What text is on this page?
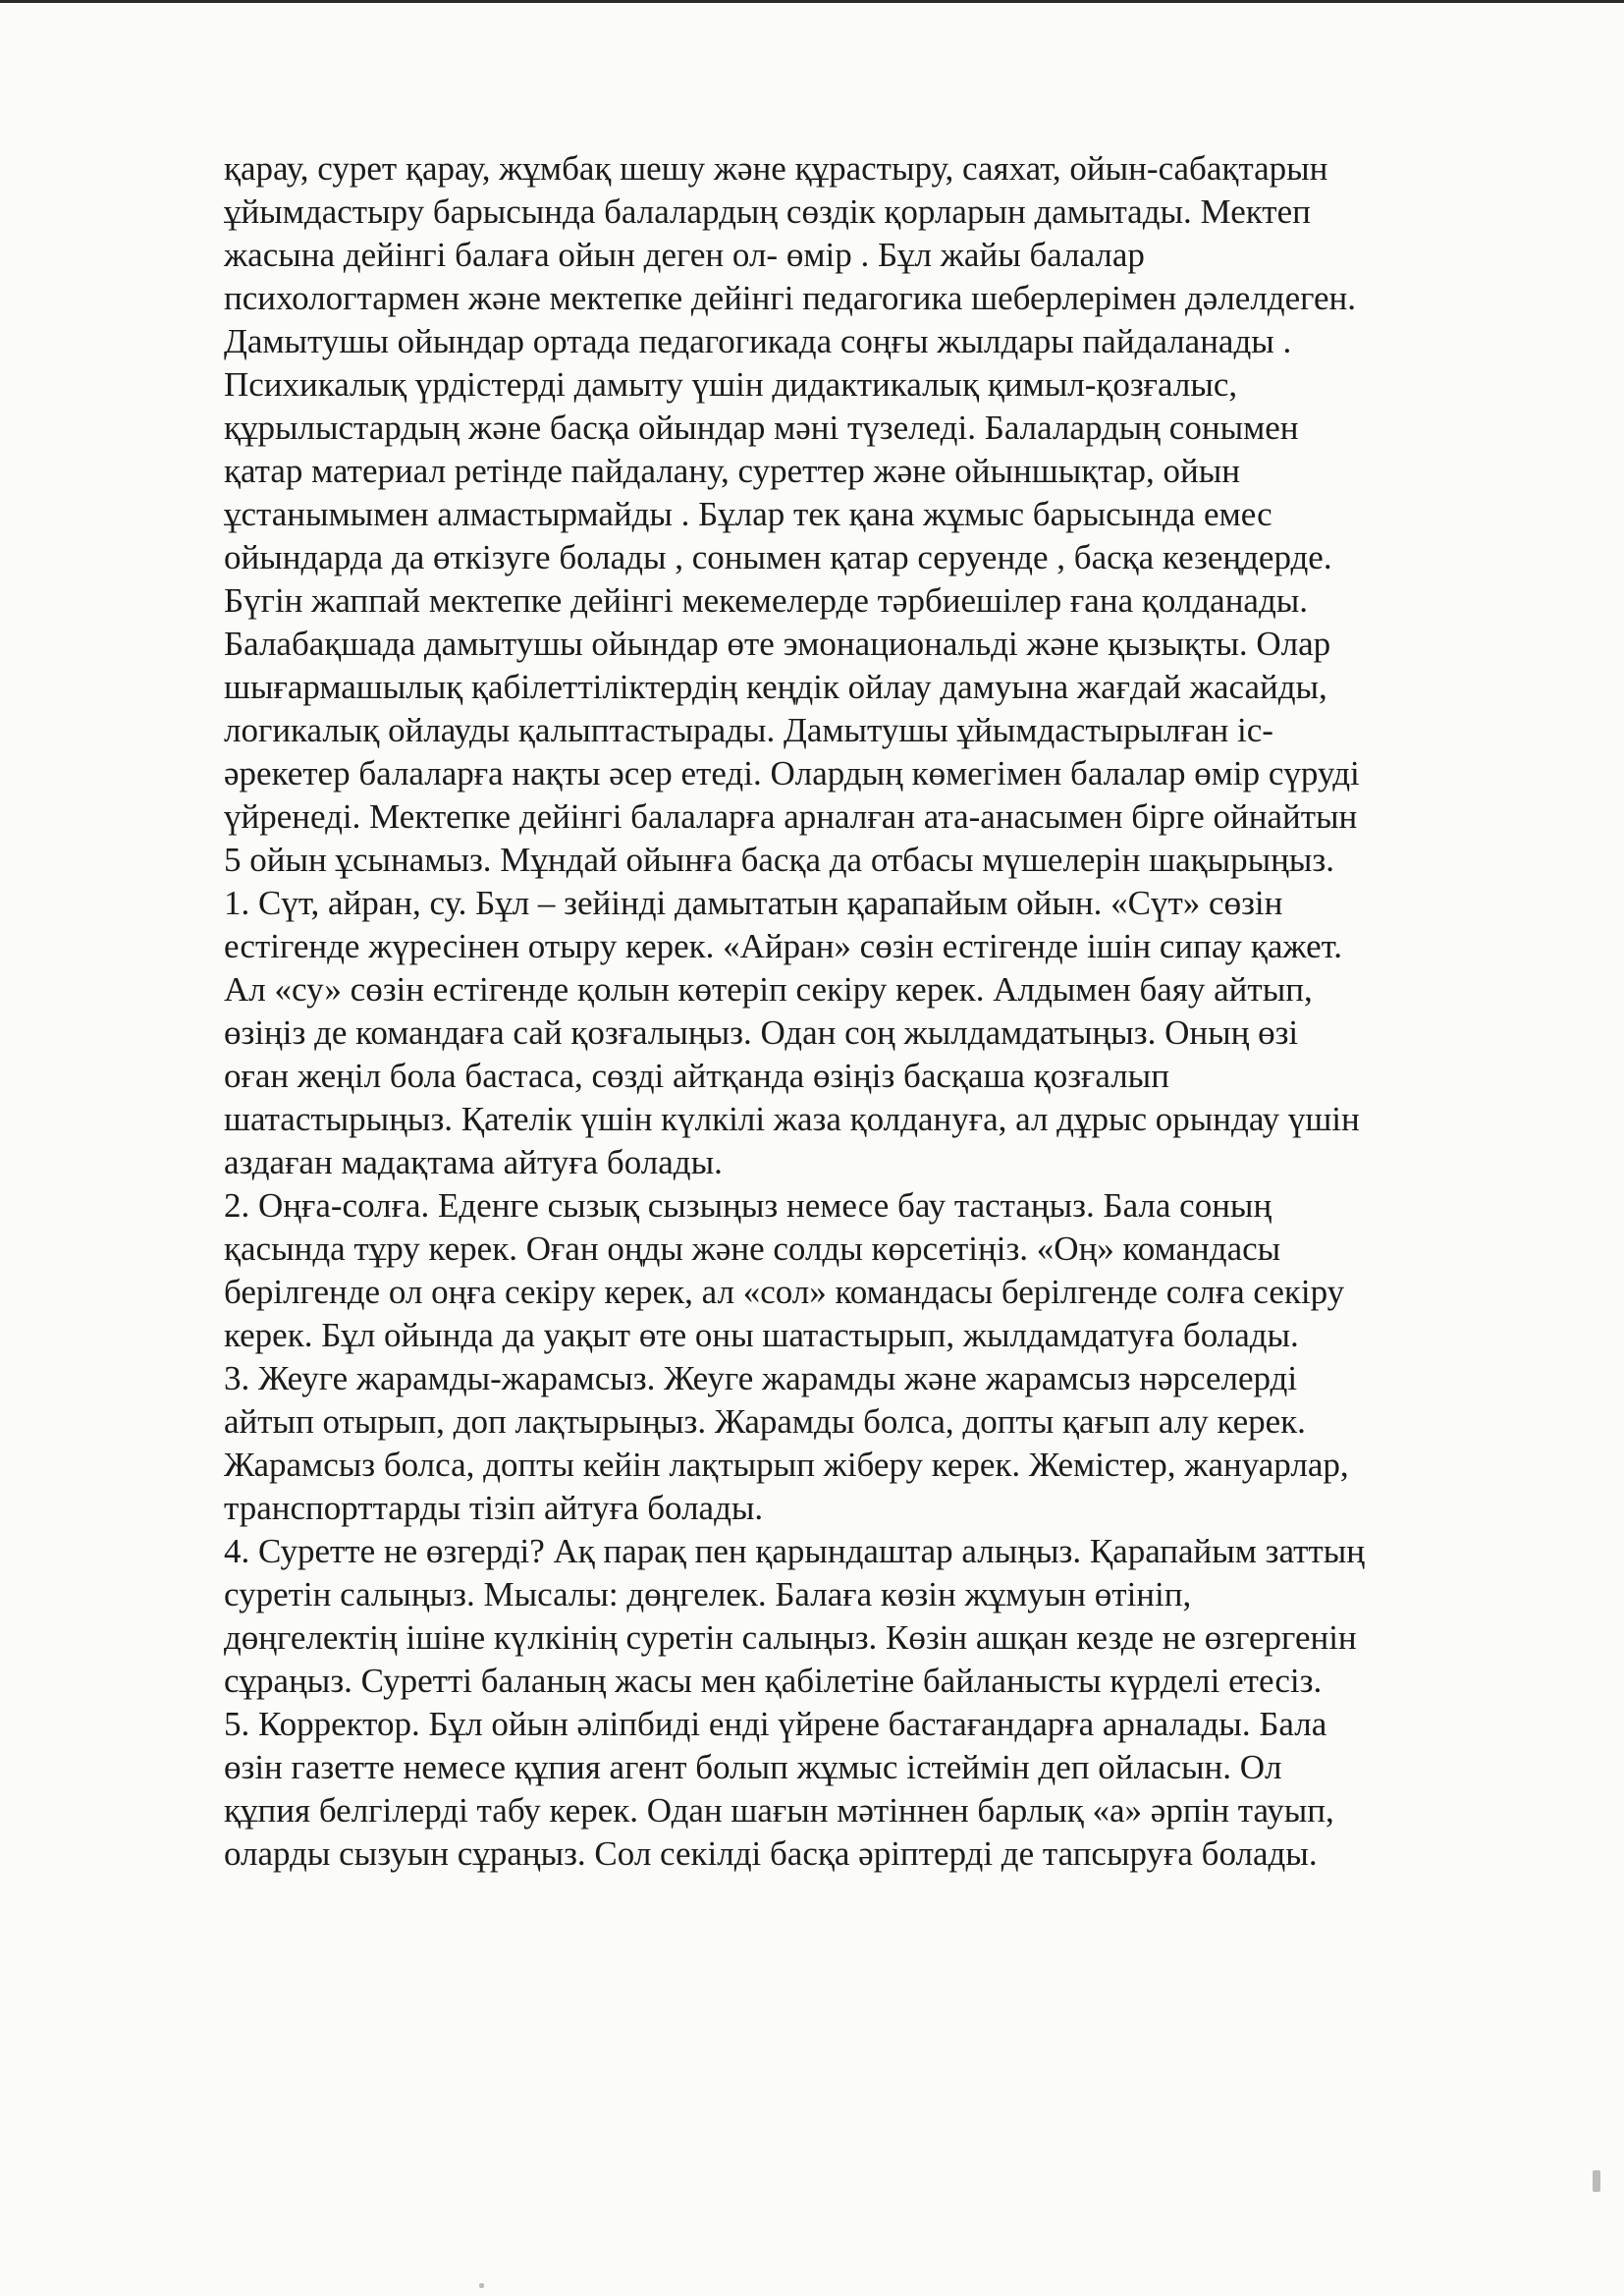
қарау, сурет қарау, жұмбақ шешу және құрастыру, саяхат, ойын-сабақтарын
ұйымдастыру барысында балалардың сөздік қорларын дамытады. Мектеп
жасына дейінгі балаға ойын деген ол- өмір . Бұл жайы балалар
психологтармен және мектепке дейінгі педагогика шеберлерімен дәлелдеген.
Дамытушы ойындар ортада педагогикада соңғы жылдары пайдаланады .
Психикалық үрдістерді дамыту үшін дидактикалық қимыл-қозғалыс,
құрылыстардың және басқа ойындар мәні түзеледі. Балалардың сонымен
қатар материал ретінде пайдалану, суреттер және ойыншықтар, ойын
ұстанымымен алмастырмайды . Бұлар тек қана жұмыс барысында емес
ойындарда да өткізуге болады , сонымен қатар серуенде , басқа кезеңдерде.
Бүгін жаппай мектепке дейінгі мекемелерде тәрбиешілер ғана қолданады.
Балабақшада дамытушы ойындар өте эмонациональді және қызықты. Олар
шығармашылық қабілеттіліктердің кеңдік ойлау дамуына жағдай жасайды,
логикалық ойлауды қалыптастырады. Дамытушы ұйымдастырылған іс-
әрекетер балаларға нақты әсер етеді. Олардың көмегімен балалар өмір сүруді
үйренеді. Мектепке дейінгі балаларға арналған ата-анасымен бірге ойнайтын
5 ойын ұсынамыз. Мұндай ойынға басқа да отбасы мүшелерін шақырыңыз.
1. Сүт, айран, су. Бұл – зейінді дамытатын қарапайым ойын. «Сүт» сөзін
естігенде жүресінен отыру керек. «Айран» сөзін естігенде ішін сипау қажет.
Ал «су» сөзін естігенде қолын көтеріп секіру керек. Алдымен баяу айтып,
өзіңіз де командаға сай қозғалыңыз. Одан соң жылдамдатыңыз. Оның өзі
оған жеңіл бола бастаса, сөзді айтқанда өзіңіз басқаша қозғалып
шатастырыңыз. Қателік үшін күлкілі жаза қолдануға, ал дұрыс орындау үшін
аздаған мадақтама айтуға болады.
2. Оңға-солға. Еденге сызық сызыңыз немесе бау тастаңыз. Бала соның
қасында тұру керек. Оған оңды және солды көрсетіңіз. «Оң» командасы
берілгенде ол оңға секіру керек, ал «сол» командасы берілгенде солға секіру
керек. Бұл ойында да уақыт өте оны шатастырып, жылдамдатуға болады.
3. Жеуге жарамды-жарамсыз. Жеуге жарамды және жарамсыз нәрселерді
айтып отырып, доп лақтырыңыз. Жарамды болса, допты қағып алу керек.
Жарамсыз болса, допты кейін лақтырып жіберу керек. Жемістер, жануарлар,
транспорттарды тізіп айтуға болады.
4. Суретте не өзгерді? Ақ парақ пен қарындаштар алыңыз. Қарапайым заттың
суретін салыңыз. Мысалы: дөңгелек. Балаға көзін жұмуын өтініп,
дөңгелектің ішіне күлкінің суретін салыңыз. Көзін ашқан кезде не өзгергенін
сұраңыз. Суретті баланың жасы мен қабілетіне байланысты күрделі етесіз.
5. Корректор. Бұл ойын әліпбиді енді үйрене бастағандарға арналады. Бала
өзін газетте немесе құпия агент болып жұмыс істеймін деп ойласын. Ол
құпия белгілерді табу керек. Одан шағын мәтіннен барлық «а» әрпін тауып,
оларды сызуын сұраңыз. Сол секілді басқа әріптерді де тапсыруға болады.
